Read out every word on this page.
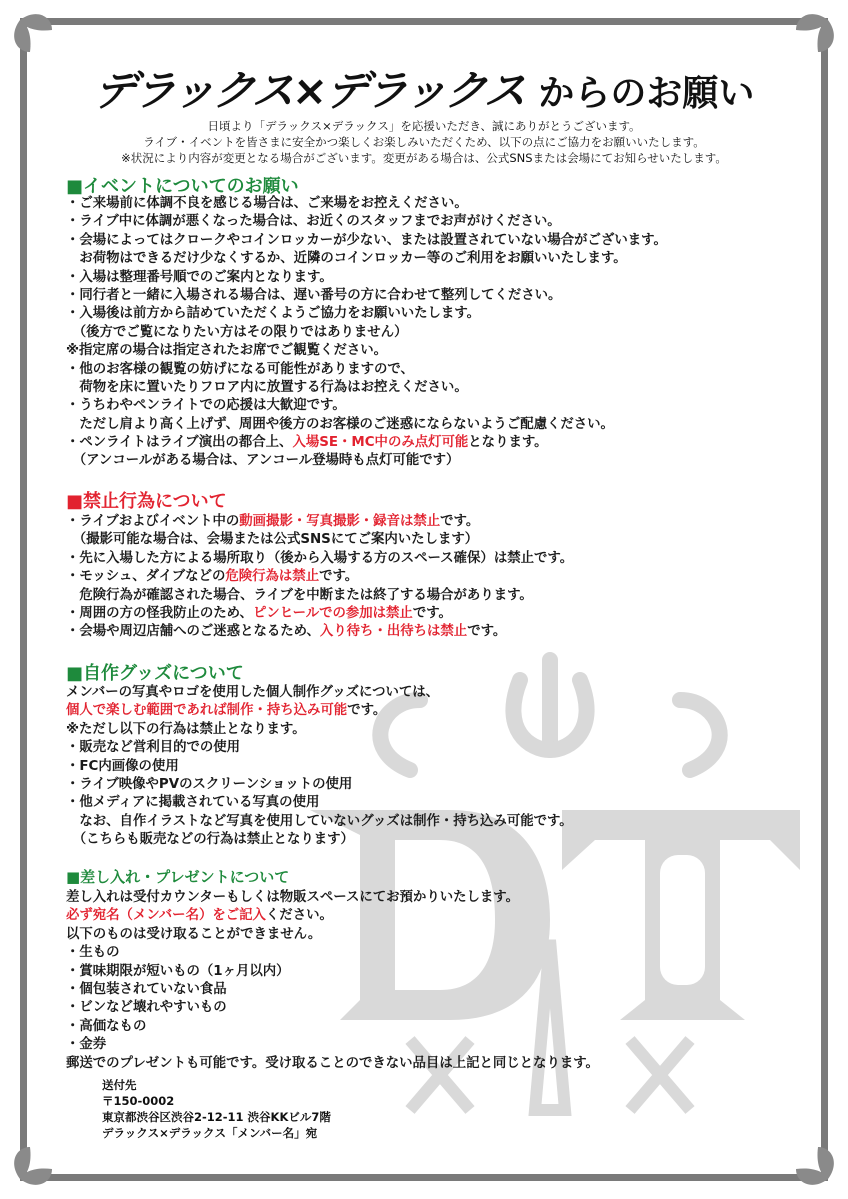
デラックス×デラックス からのお願い
日頃より「デラックス×デラックス」を応援いただき、誠にありがとうございます。
ライブ・イベントを皆さまに安全かつ楽しくお楽しみいただくため、以下の点にご協力をお願いいたします。
※状況により内容が変更となる場合がございます。変更がある場合は、公式SNSまたは会場にてお知らせいたします。
■イベントについてのお願い
・ご来場前に体調不良を感じる場合は、ご来場をお控えください。
・ライブ中に体調が悪くなった場合は、お近くのスタッフまでお声がけください。
・会場によってはクロークやコインロッカーが少ない、または設置されていない場合がございます。
　お荷物はできるだけ少なくするか、近隣のコインロッカー等のご利用をお願いいたします。
・入場は整理番号順でのご案内となります。
・同行者と一緒に入場される場合は、遅い番号の方に合わせて整列してください。
・入場後は前方から詰めていただくようご協力をお願いいたします。
　（後方でご覧になりたい方はその限りではありません）
※指定席の場合は指定されたお席でご観覧ください。
・他のお客様の観覧の妨げになる可能性がありますので、
　荷物を床に置いたりフロア内に放置する行為はお控えください。
・うちわやペンライトでの応援は大歓迎です。
　ただし肩より高く上げず、周囲や後方のお客様のご迷惑にならないようご配慮ください。
・ペンライトはライブ演出の都合上、入場SE・MC中のみ点灯可能となります。
　（アンコールがある場合は、アンコール登場時も点灯可能です）
■禁止行為について
・ライブおよびイベント中の動画撮影・写真撮影・録音は禁止です。
　（撮影可能な場合は、会場または公式SNSにてご案内いたします）
・先に入場した方による場所取り（後から入場する方のスペース確保）は禁止です。
・モッシュ、ダイブなどの危険行為は禁止です。
　危険行為が確認された場合、ライブを中断または終了する場合があります。
・周囲の方の怪我防止のため、ピンヒールでの参加は禁止です。
・会場や周辺店舗へのご迷惑となるため、入り待ち・出待ちは禁止です。
■自作グッズについて
メンバーの写真やロゴを使用した個人制作グッズについては、
個人で楽しむ範囲であれば制作・持ち込み可能です。
※ただし以下の行為は禁止となります。
・販売など営利目的での使用
・FC内画像の使用
・ライブ映像やPVのスクリーンショットの使用
・他メディアに掲載されている写真の使用
　なお、自作イラストなど写真を使用していないグッズは制作・持ち込み可能です。
　（こちらも販売などの行為は禁止となります）
■差し入れ・プレゼントについて
差し入れは受付カウンターもしくは物販スペースにてお預かりいたします。
必ず宛名（メンバー名）をご記入ください。
以下のものは受け取ることができません。
・生もの
・賞味期限が短いもの（1ヶ月以内）
・個包装されていない食品
・ビンなど壊れやすいもの
・高価なもの
・金券
郵送でのプレゼントも可能です。受け取ることのできない品目は上記と同じとなります。
送付先
〒150-0002
東京都渋谷区渋谷2-12-11 渋谷KKビル7階
デラックス×デラックス「メンバー名」宛
